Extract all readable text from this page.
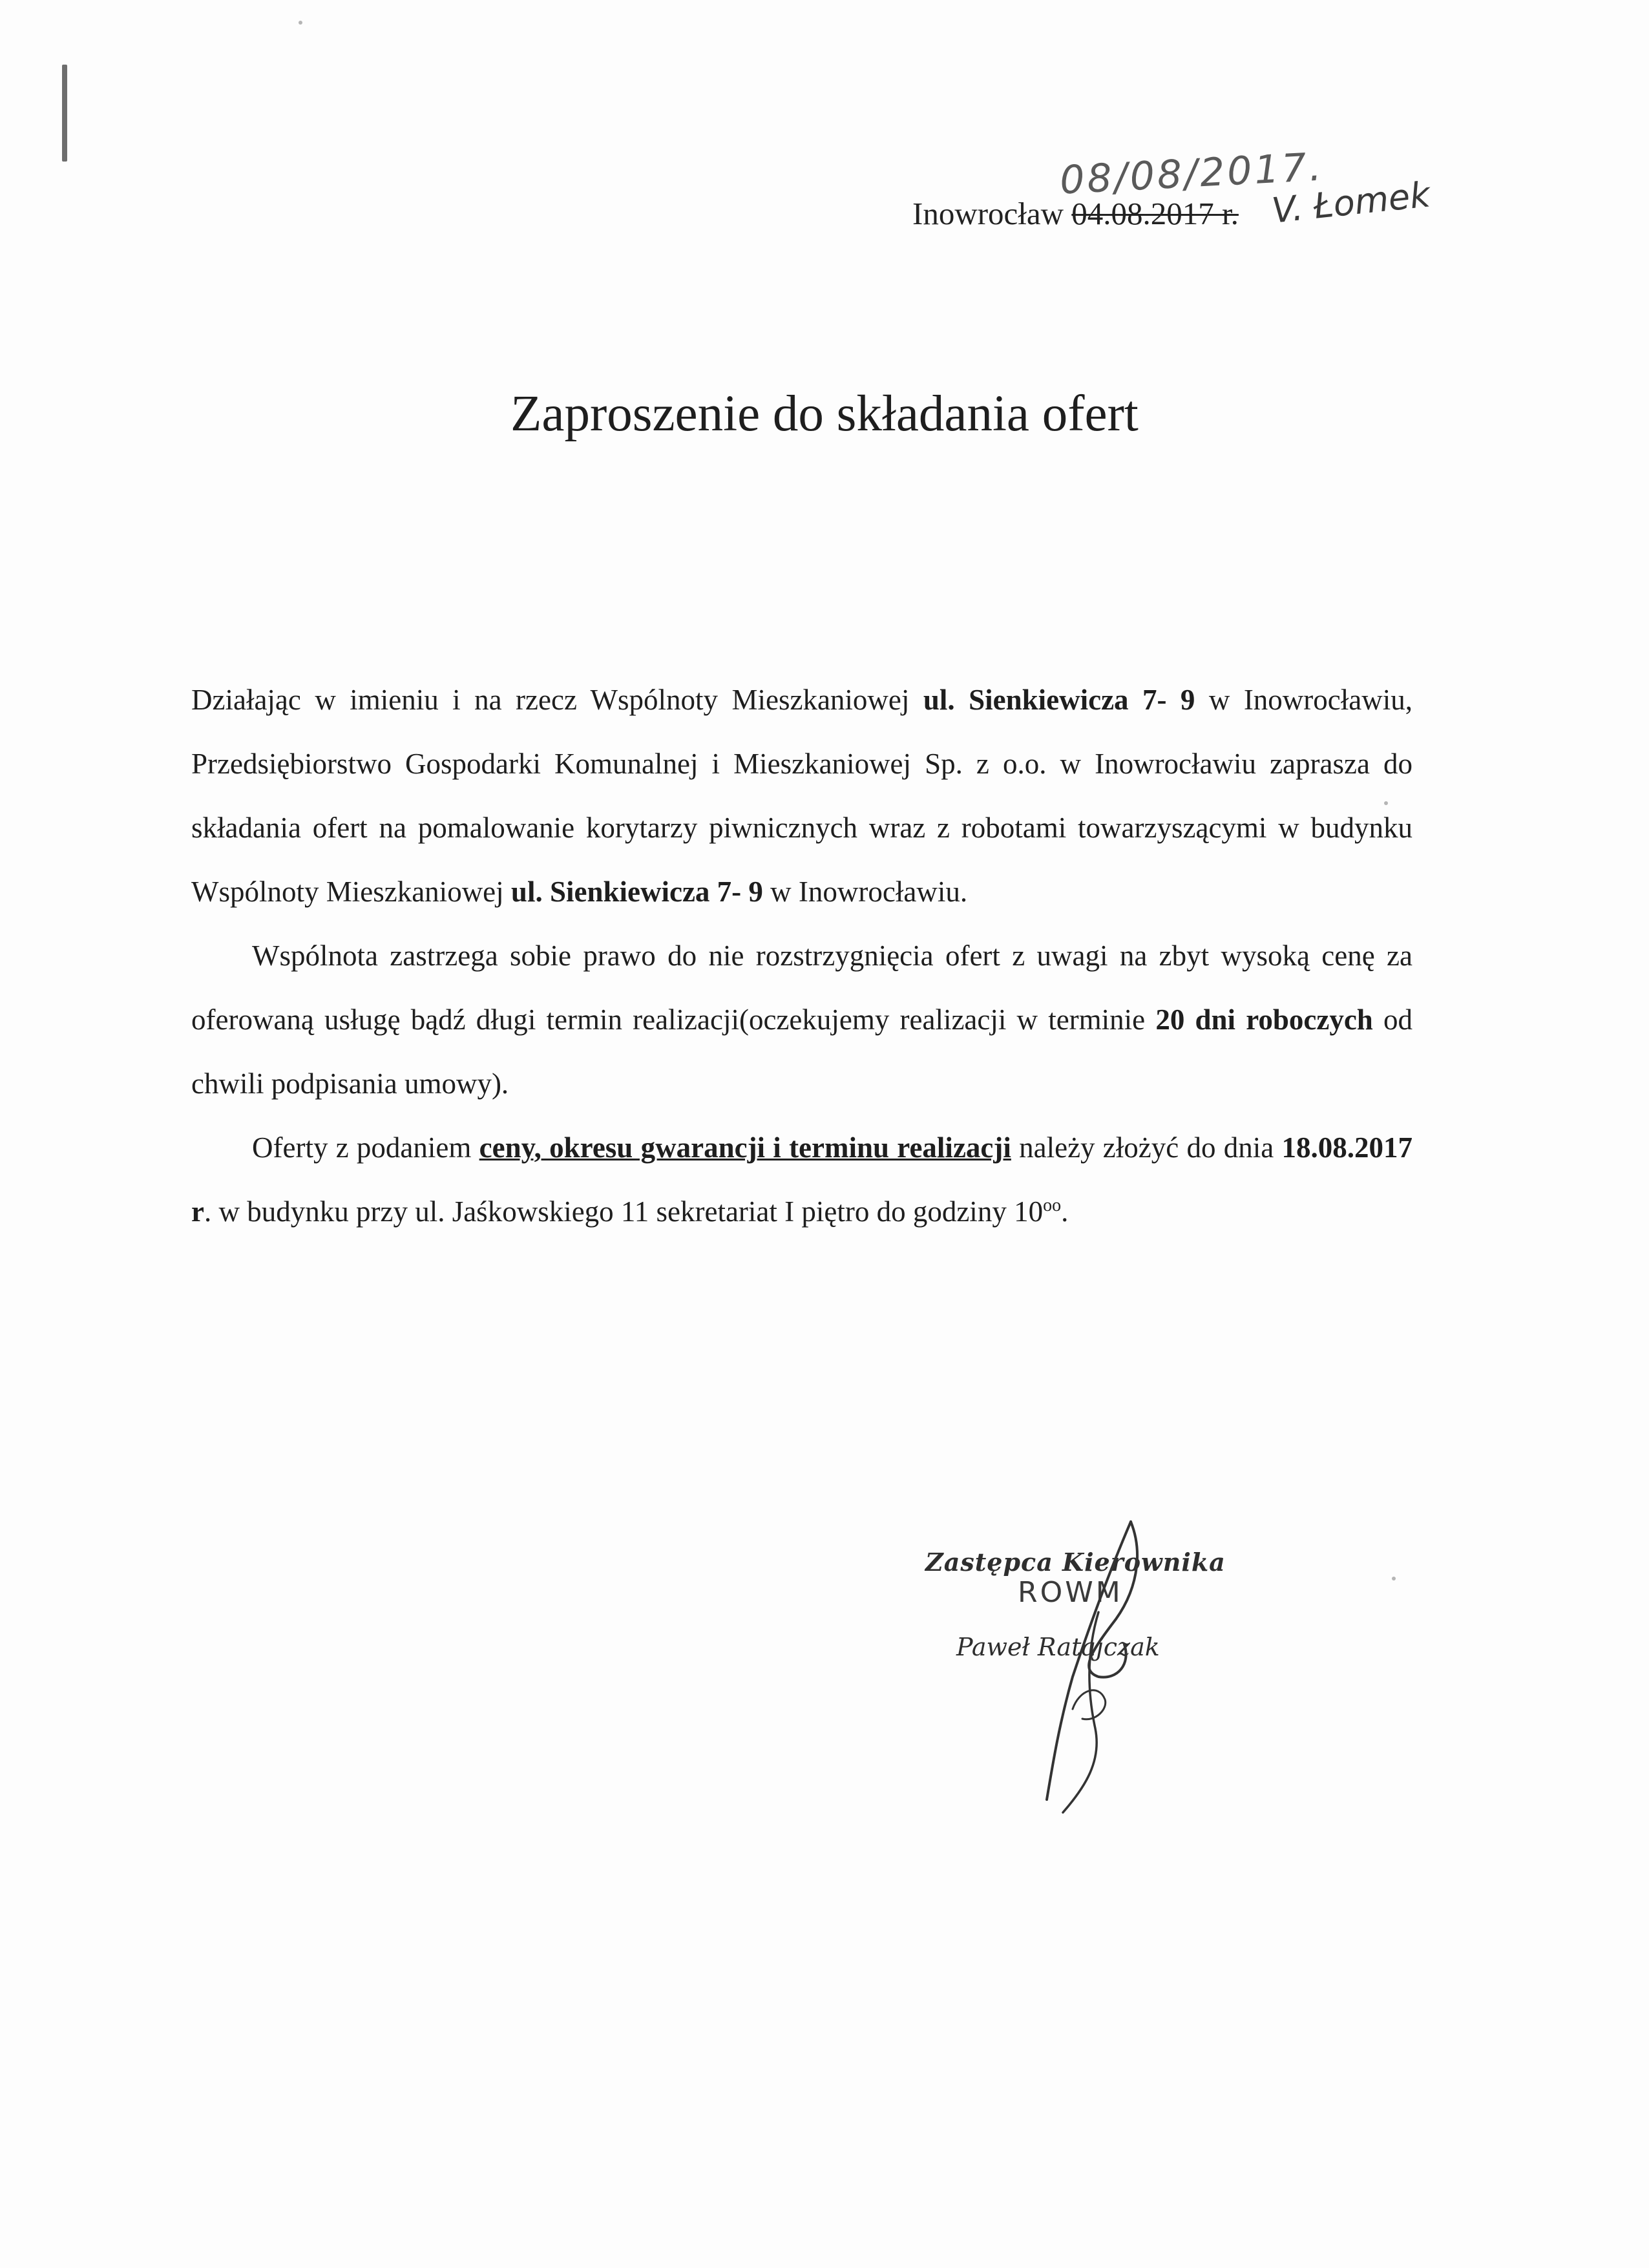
08/08/2017.
V. Łomek
Inowrocław 04.08.2017 r.
Zaproszenie do składania ofert

Działając w imieniu i na rzecz Wspólnoty Mieszkaniowej ul. Sienkiewicza 7- 9 w Inowrocławiu, Przedsiębiorstwo Gospodarki Komunalnej i Mieszkaniowej Sp. z o.o. w Inowrocławiu zaprasza do składania ofert na pomalowanie korytarzy piwnicznych wraz z robotami towarzyszącymi w budynku Wspólnoty Mieszkaniowej ul. Sienkiewicza 7- 9 w Inowrocławiu.

Wspólnota zastrzega sobie prawo do nie rozstrzygnięcia ofert z uwagi na zbyt wysoką cenę za oferowaną usługę bądź długi termin realizacji(oczekujemy realizacji w terminie 20 dni roboczych od chwili podpisania umowy).

Oferty z podaniem ceny, okresu gwarancji i terminu realizacji należy złożyć do dnia 18.08.2017 r. w budynku przy ul. Jaśkowskiego 11 sekretariat I piętro do godziny $10^{oo}$.

Zastępca Kierownika
ROWM
Paweł Ratajczak
